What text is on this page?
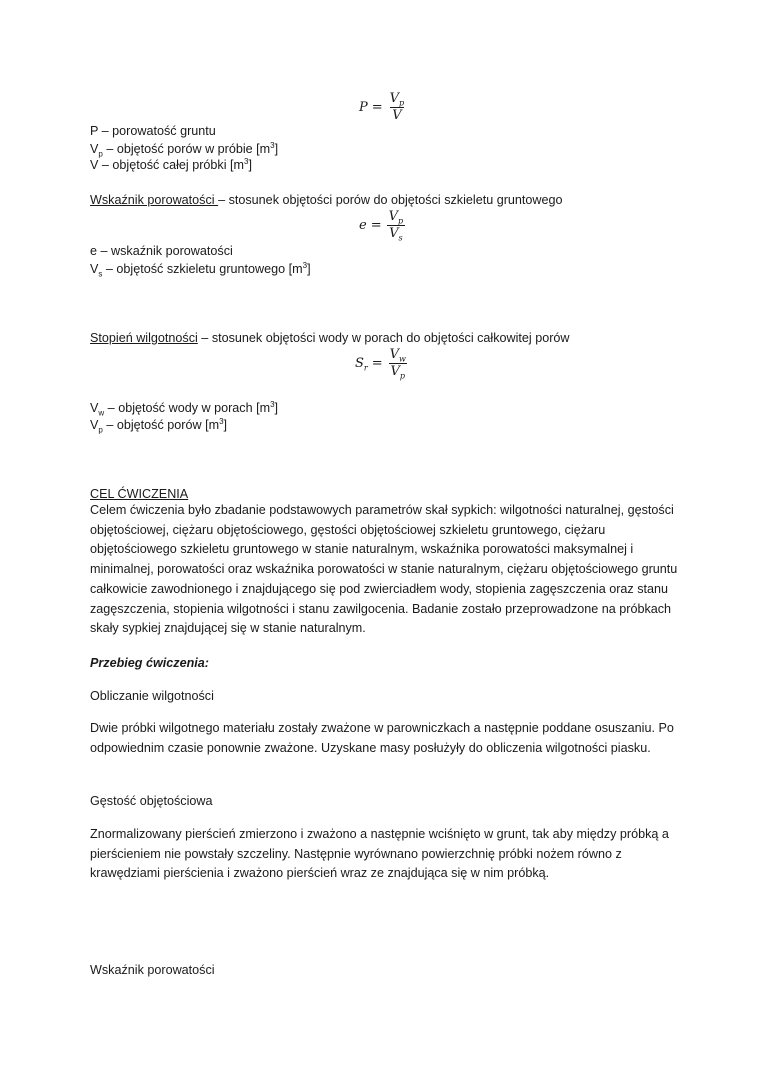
$P = \frac{V_p}{V}$
P – porowatość gruntu
$V_p$ – objętość porów w próbie $[m^3]$
V – objętość całej próbki $[m^3]$
Wskaźnik porowatości – stosunek objętości porów do objętości szkieletu gruntowego
$e = \frac{V_p}{V_s}$
e – wskaźnik porowatości
$V_s$ – objętość szkieletu gruntowego $[m^3]$
Stopień wilgotności – stosunek objętości wody w porach do objętości całkowitej porów
$S_r = \frac{V_w}{V_p}$
$V_w$ – objętość wody w porach $[m^3]$
$V_p$ – objętość porów $[m^3]$
CEL ĆWICZENIA
Celem ćwiczenia było zbadanie podstawowych parametrów skał sypkich: wilgotności naturalnej, gęstości objętościowej, ciężaru objętościowego, gęstości objętościowej szkieletu gruntowego, ciężaru objętościowego szkieletu gruntowego w stanie naturalnym, wskaźnika porowatości maksymalnej i minimalnej, porowatości oraz wskaźnika porowatości w stanie naturalnym, ciężaru objętościowego gruntu całkowicie zawodnionego i znajdującego się pod zwierciadłem wody, stopienia zagęszczenia oraz stanu zagęszczenia, stopienia wilgotności i stanu zawilgocenia. Badanie zostało przeprowadzone na próbkach skały sypkiej znajdującej się w stanie naturalnym.
Przebieg ćwiczenia:
Obliczanie wilgotności
Dwie próbki wilgotnego materiału zostały zważone w parowniczkach a następnie poddane osuszaniu. Po odpowiednim czasie ponownie zważone. Uzyskane masy posłużyły do obliczenia wilgotności piasku.
Gęstość objętościowa
Znormalizowany pierścień zmierzono i zważono a następnie wciśnięto w grunt, tak aby między próbką a pierścieniem nie powstały szczeliny. Następnie wyrównano powierzchnię próbki nożem równo z krawędziami pierścienia i zważono pierścień wraz ze znajdująca się w nim próbką.
Wskaźnik porowatości
